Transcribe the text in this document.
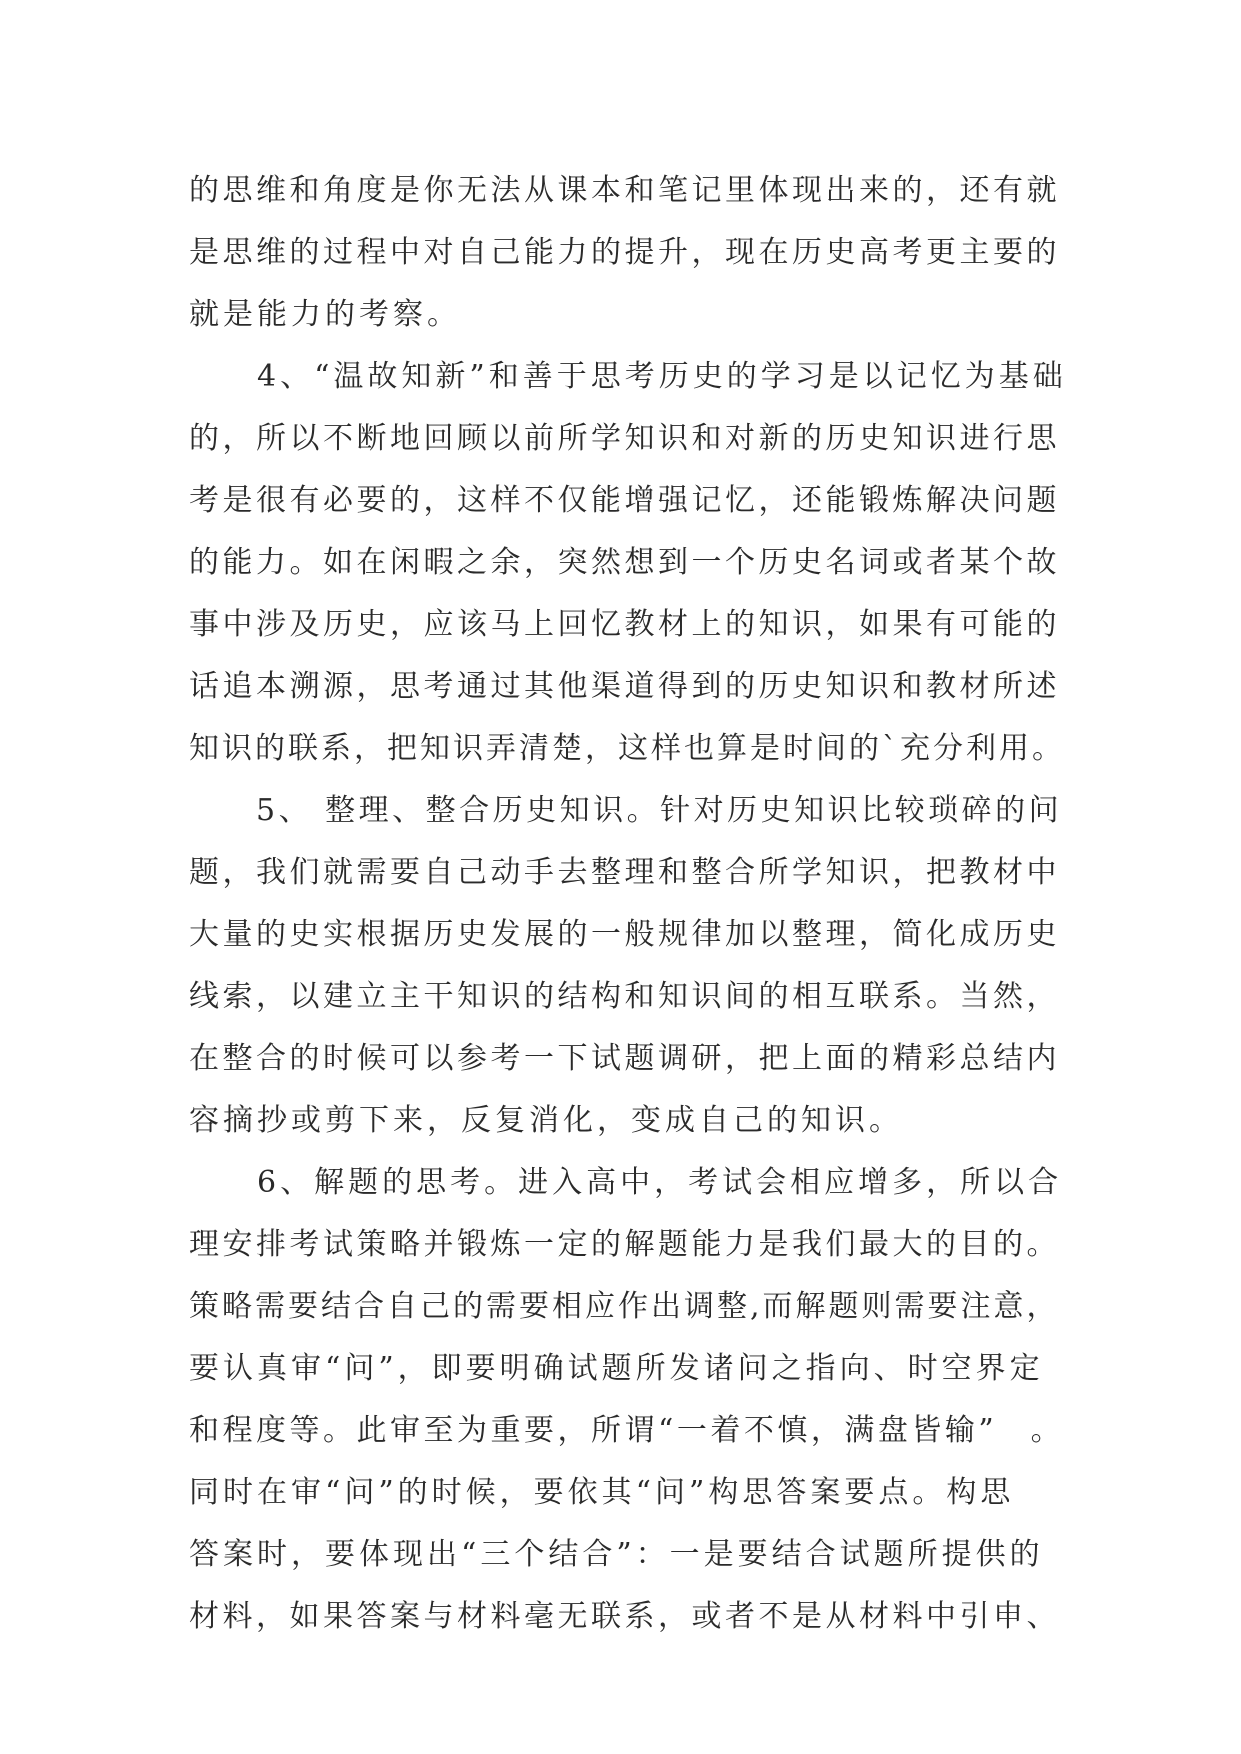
的思维和角度是你无法从课本和笔记里体现出来的，还有就
是思维的过程中对自己能力的提升，现在历史高考更主要的
就是能力的考察。
　　4、“温故知新”和善于思考历史的学习是以记忆为基础
的，所以不断地回顾以前所学知识和对新的历史知识进行思
考是很有必要的，这样不仅能增强记忆，还能锻炼解决问题
的能力。如在闲暇之余，突然想到一个历史名词或者某个故
事中涉及历史，应该马上回忆教材上的知识，如果有可能的
话追本溯源，思考通过其他渠道得到的历史知识和教材所述
知识的联系，把知识弄清楚，这样也算是时间的`充分利用。
　　5、 整理、整合历史知识。针对历史知识比较琐碎的问
题，我们就需要自己动手去整理和整合所学知识，把教材中
大量的史实根据历史发展的一般规律加以整理，简化成历史
线索，以建立主干知识的结构和知识间的相互联系。当然，
在整合的时候可以参考一下试题调研，把上面的精彩总结内
容摘抄或剪下来，反复消化，变成自己的知识。
　　6、解题的思考。进入高中，考试会相应增多，所以合
理安排考试策略并锻炼一定的解题能力是我们最大的目的。
策略需要结合自己的需要相应作出调整,而解题则需要注意，
要认真审“问”，即要明确试题所发诸问之指向、时空界定
和程度等。此审至为重要，所谓“一着不慎，满盘皆输”　。
同时在审“问”的时候，要依其“问”构思答案要点。构思
答案时，要体现出“三个结合”：一是要结合试题所提供的
材料，如果答案与材料毫无联系，或者不是从材料中引申、
